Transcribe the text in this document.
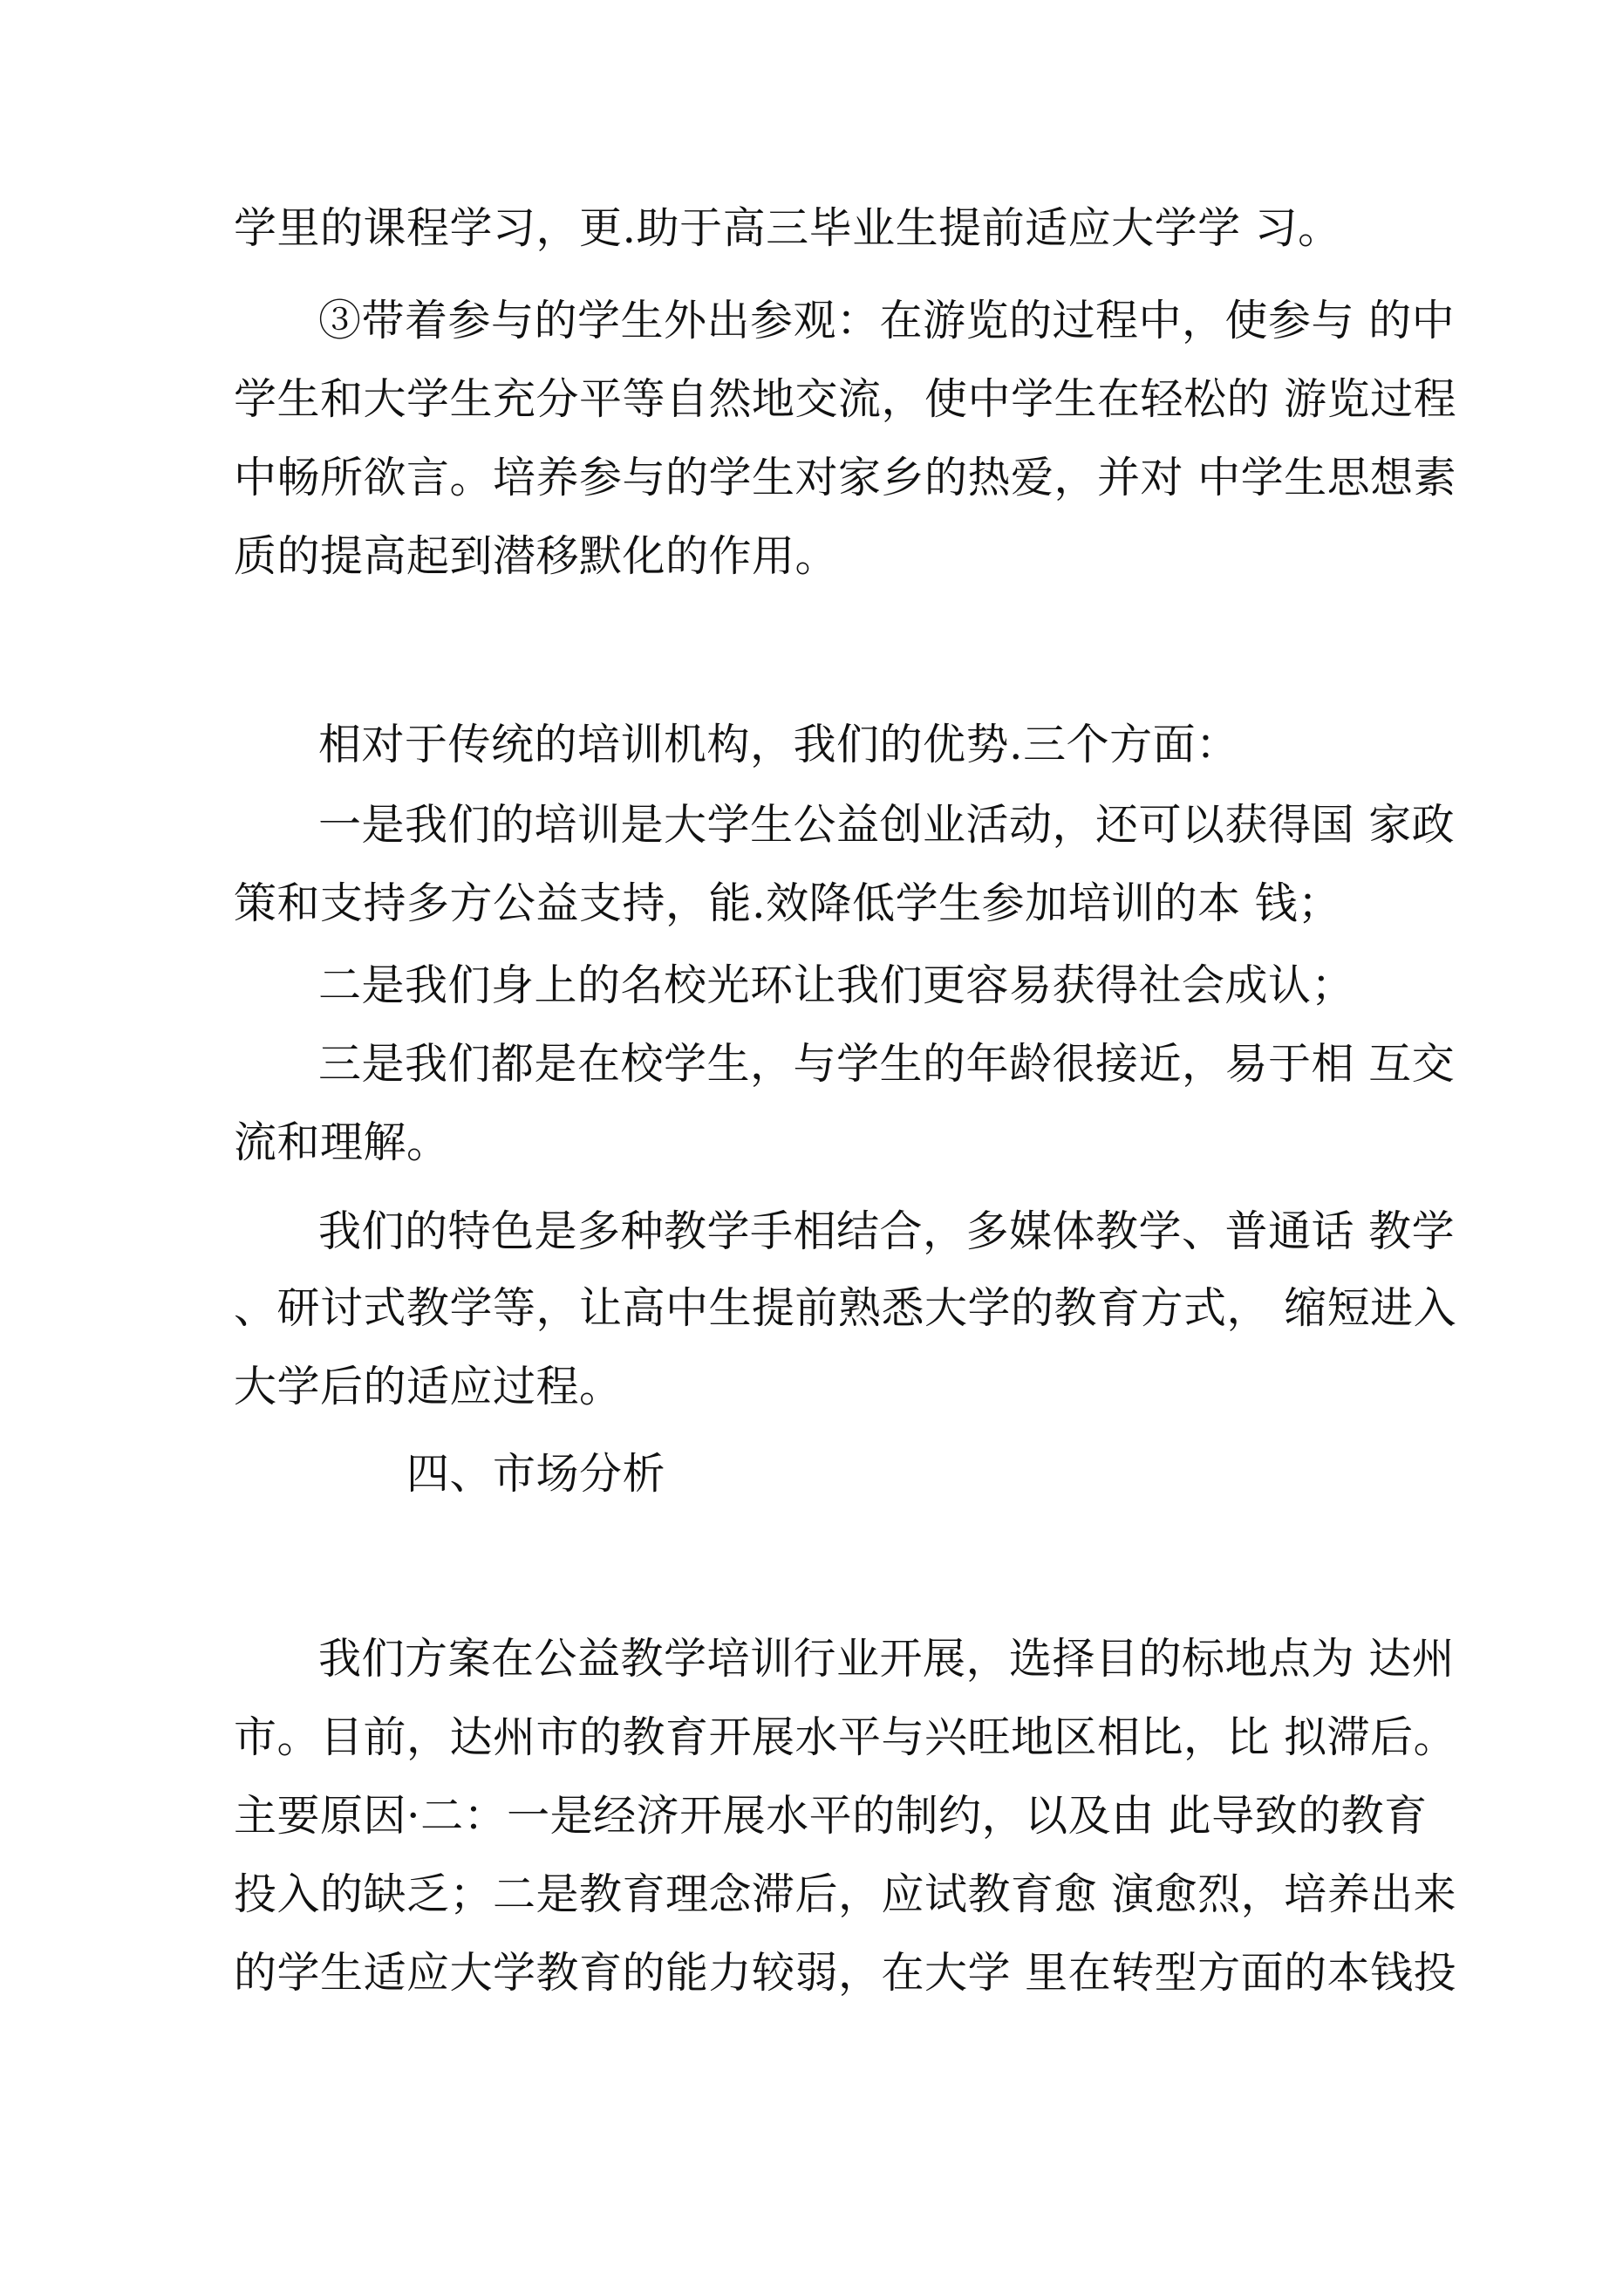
学里的课程学习，更.助于高三毕业生提前适应大学学 习。

③带着参与的学生外出参观：在游览的过程中，使参与 的中

学生和大学生充分平等自然地交流，使中学生在轻松的 游览过程

中畅所欲言。培养参与的学生对家乡的热爱，并对 中学生思想素

质的提高起到潜移默化的作用。

相对于传统的培训机构，我们的优势.三个方面：

一是我们的培训是大学生公益创业活动，还可以获得国 家政

策和支持多方公益支持，能.效降低学生参加培训的本 钱；

二是我们身上的名校光环让我们更容易获得社会成认；

三是我们都是在校学生，与学生的年龄很接近，易于相 互交

流和理解。

我们的特色是多种教学手相结合，多媒体教学、普通话 教学

、研讨式教学等，让高中生提前熟悉大学的教育方式， 缩短进入

大学后的适应过程。

四、市场分析

我们方案在公益教学培训行业开展，选择目的标地点为 达州

市。目前，达州市的教育开展水平与兴旺地区相比，比 拟滞后。

主要原因·二：一是经济开展水平的制约，以及由 此导致的教育

投入的缺乏；二是教育理念滞后，应试教育愈 演愈烈，培养出来

的学生适应大学教育的能力较弱，在大学 里在转型方面的本钱投
